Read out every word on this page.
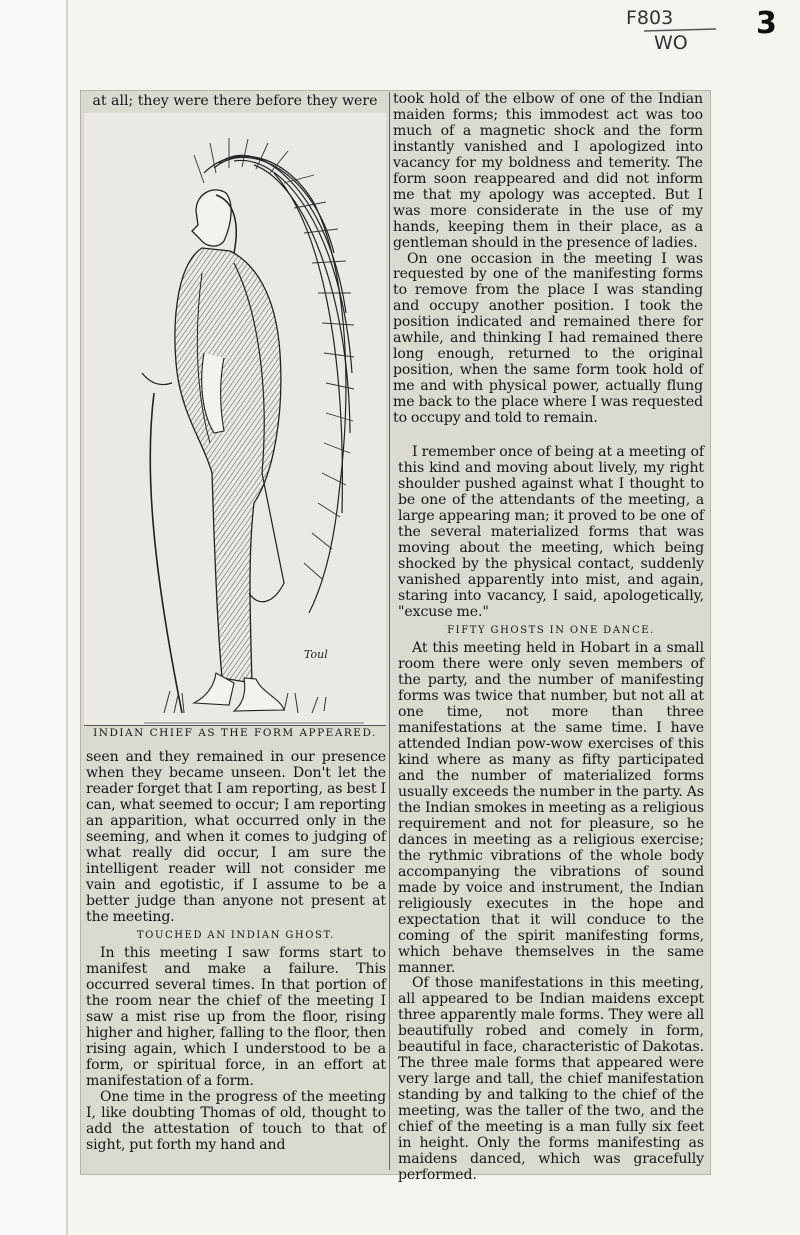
F803
WO
3
at all; they were there before they were
Toul
INDIAN CHIEF AS THE FORM APPEARED.

seen and they remained in our presence when they became unseen. Don't let the reader forget that I am reporting, as best I can, what seemed to occur; I am reporting an apparition, what occurred only in the seeming, and when it comes to judging of what really did occur, I am sure the intelligent reader will not consider me vain and egotistic, if I assume to be a better judge than anyone not present at the meeting.

TOUCHED AN INDIAN GHOST.

In this meeting I saw forms start to manifest and make a failure. This occurred several times. In that portion of the room near the chief of the meeting I saw a mist rise up from the floor, rising higher and higher, falling to the floor, then rising again, which I understood to be a form, or spiritual force, in an effort at manifestation of a form.

One time in the progress of the meeting I, like doubting Thomas of old, thought to add the attestation of touch to that of sight, put forth my hand and

took hold of the elbow of one of the Indian maiden forms; this immodest act was too much of a magnetic shock and the form instantly vanished and I apologized into vacancy for my boldness and temerity. The form soon reappeared and did not inform me that my apology was accepted. But I was more considerate in the use of my hands, keeping them in their place, as a gentleman should in the presence of ladies.

On one occasion in the meeting I was requested by one of the manifesting forms to remove from the place I was standing and occupy another position. I took the position indicated and remained there for awhile, and thinking I had remained there long enough, returned to the original position, when the same form took hold of me and with physical power, actually flung me back to the place where I was requested to occupy and told to remain.

I remember once of being at a meeting of this kind and moving about lively, my right shoulder pushed against what I thought to be one of the attendants of the meeting, a large appearing man; it proved to be one of the several materialized forms that was moving about the meeting, which being shocked by the physical contact, suddenly vanished apparently into mist, and again, staring into vacancy, I said, apologetically, "excuse me."

FIFTY GHOSTS IN ONE DANCE.

At this meeting held in Hobart in a small room there were only seven members of the party, and the number of manifesting forms was twice that number, but not all at one time, not more than three manifestations at the same time. I have attended Indian pow-wow exercises of this kind where as many as fifty participated and the number of materialized forms usually exceeds the number in the party. As the Indian smokes in meeting as a religious requirement and not for pleasure, so he dances in meeting as a religious exercise; the rythmic vibrations of the whole body accompanying the vibrations of sound made by voice and instrument, the Indian religiously executes in the hope and expectation that it will conduce to the coming of the spirit manifesting forms, which behave themselves in the same manner.

Of those manifestations in this meeting, all appeared to be Indian maidens except three apparently male forms. They were all beautifully robed and comely in form, beautiful in face, characteristic of Dakotas. The three male forms that appeared were very large and tall, the chief manifestation standing by and talking to the chief of the meeting, was the taller of the two, and the chief of the meeting is a man fully six feet in height. Only the forms manifesting as maidens danced, which was gracefully performed.
